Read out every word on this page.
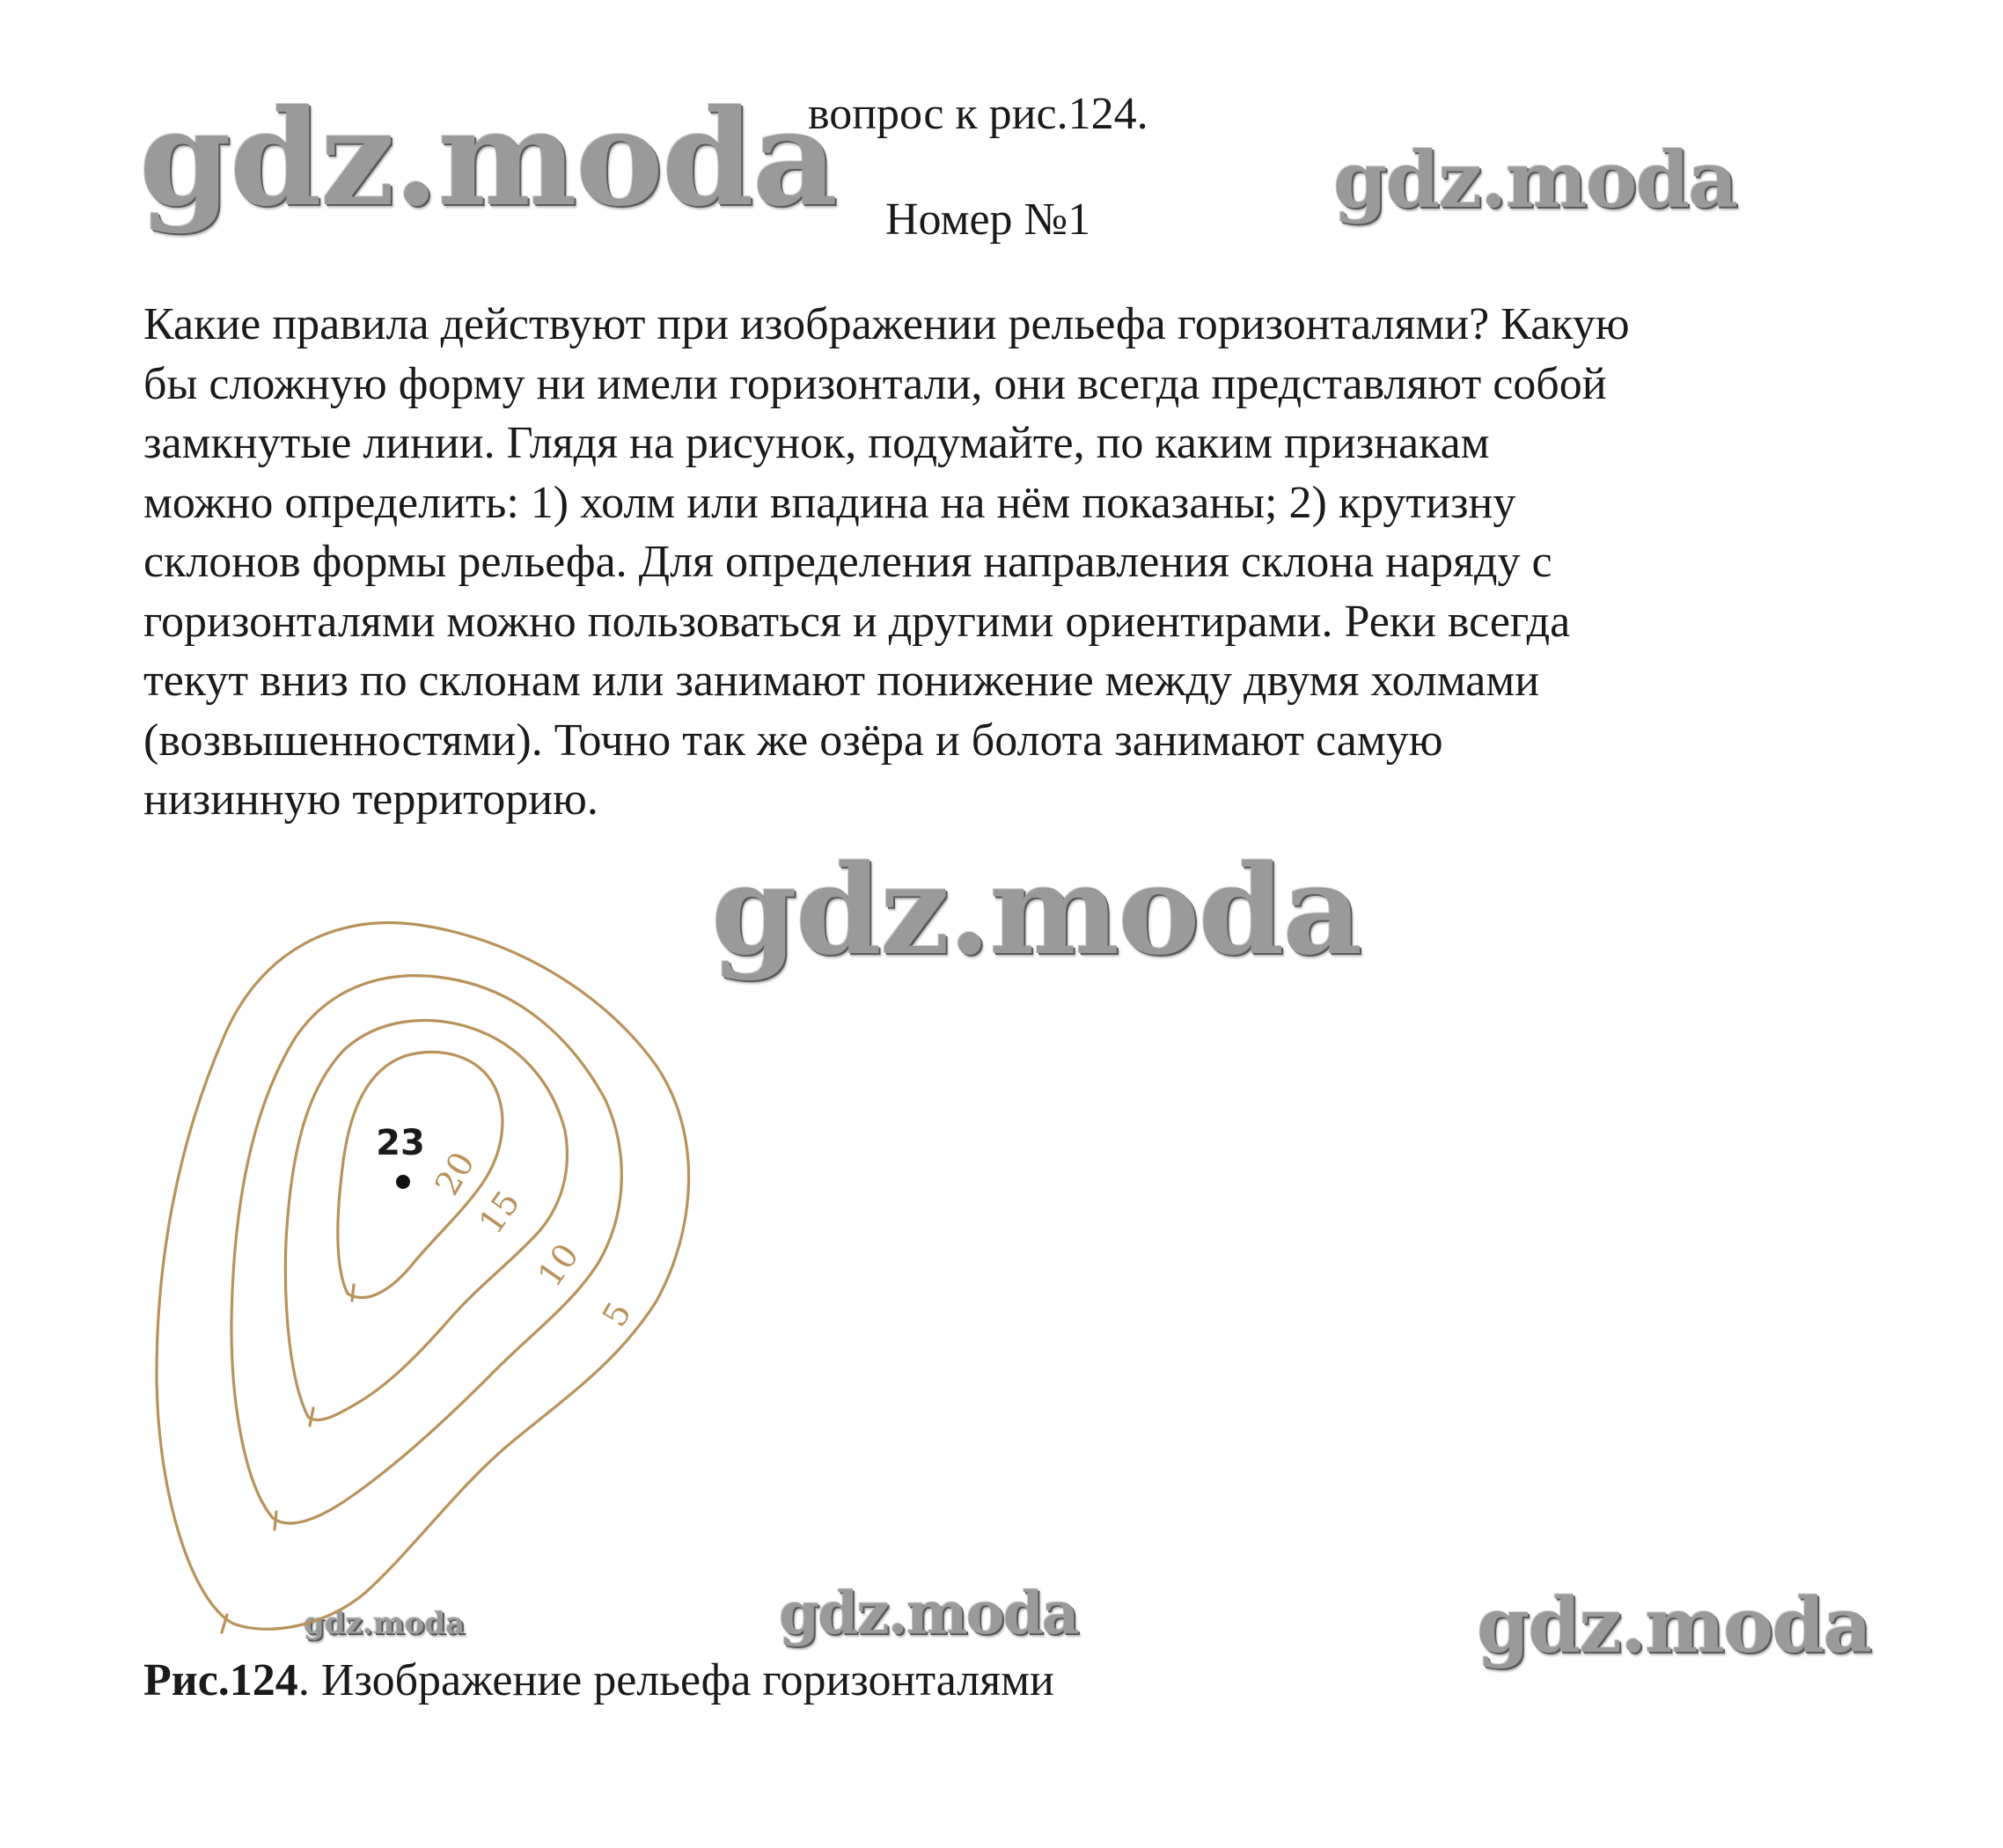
gdz.moda	gdz.moda
gdz.moda
gdz.moda	gdz.moda	gdz.moda
вопрос к рис.124.
Номер №1
Какие правила действуют при изображении рельефа горизонталями? Какую
бы сложную форму ни имели горизонтали, они всегда представляют собой
замкнутые линии. Глядя на рисунок, подумайте, по каким признакам
можно определить: 1) холм или впадина на нём показаны; 2) крутизну
склонов формы рельефа. Для определения направления склона наряду с
горизонталями можно пользоваться и другими ориентирами. Реки всегда
текут вниз по склонам или занимают понижение между двумя холмами
(возвышенностями). Точно так же озёра и болота занимают самую
низинную территорию.
23
20
15
10
5
Рис.124. Изображение рельефа горизонталями
